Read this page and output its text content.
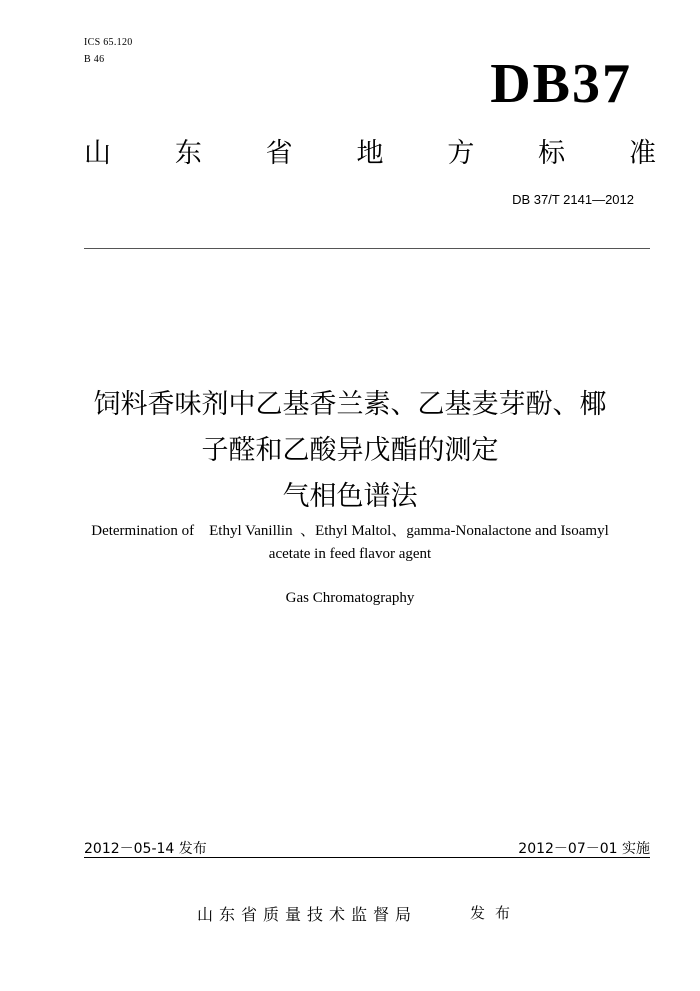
ICS 65.120
B 46	DB37
山 东 省 地 方 标 准
DB 37/T 2141—2012
饲料香味剂中乙基香兰素、乙基麦芽酚、椰
子醛和乙酸异戊酯的测定
气相色谱法
Determination of    Ethyl Vanillin  、Ethyl Maltol、gamma-Nonalactone and Isoamyl
acetate in feed flavor agent
Gas Chromatography
2012－05-14 发布	2012－07－01 实施
山东省质量技术监督局	发布
